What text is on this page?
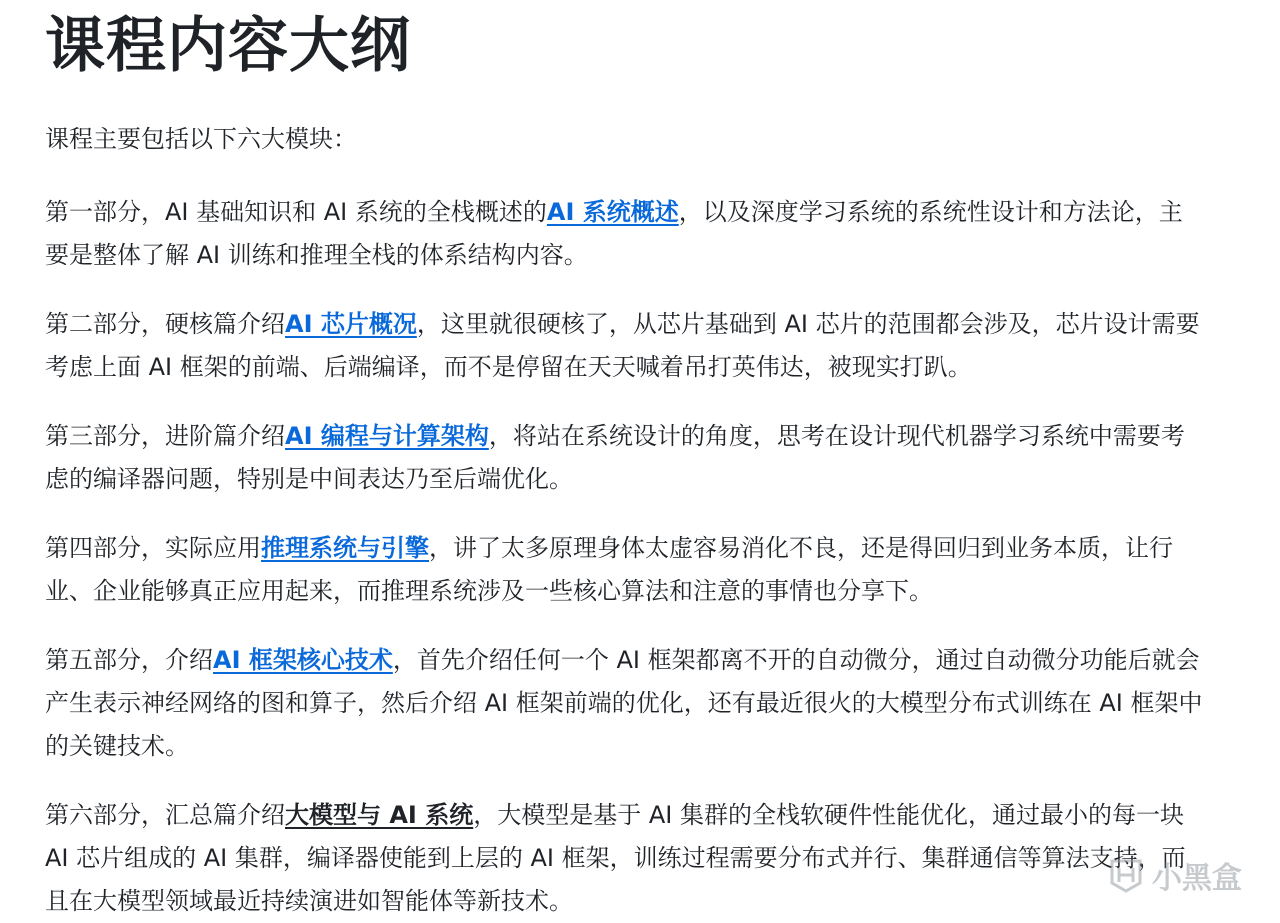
课程内容大纲

课程主要包括以下六大模块：

第一部分，AI 基础知识和 AI 系统的全栈概述的AI 系统概述，以及深度学习系统的系统性设计和方法论，主要是整体了解 AI 训练和推理全栈的体系结构内容。

第二部分，硬核篇介绍AI 芯片概况，这里就很硬核了，从芯片基础到 AI 芯片的范围都会涉及，芯片设计需要考虑上面 AI 框架的前端、后端编译，而不是停留在天天喊着吊打英伟达，被现实打趴。

第三部分，进阶篇介绍AI 编程与计算架构，将站在系统设计的角度，思考在设计现代机器学习系统中需要考虑的编译器问题，特别是中间表达乃至后端优化。

第四部分，实际应用推理系统与引擎，讲了太多原理身体太虚容易消化不良，还是得回归到业务本质，让行业、企业能够真正应用起来，而推理系统涉及一些核心算法和注意的事情也分享下。

第五部分，介绍AI 框架核心技术，首先介绍任何一个 AI 框架都离不开的自动微分，通过自动微分功能后就会产生表示神经网络的图和算子，然后介绍 AI 框架前端的优化，还有最近很火的大模型分布式训练在 AI 框架中的关键技术。

第六部分，汇总篇介绍大模型与 AI 系统，大模型是基于 AI 集群的全栈软硬件性能优化，通过最小的每一块 AI 芯片组成的 AI 集群，编译器使能到上层的 AI 框架，训练过程需要分布式并行、集群通信等算法支持，而且在大模型领域最近持续演进如智能体等新技术。

小黑盒
